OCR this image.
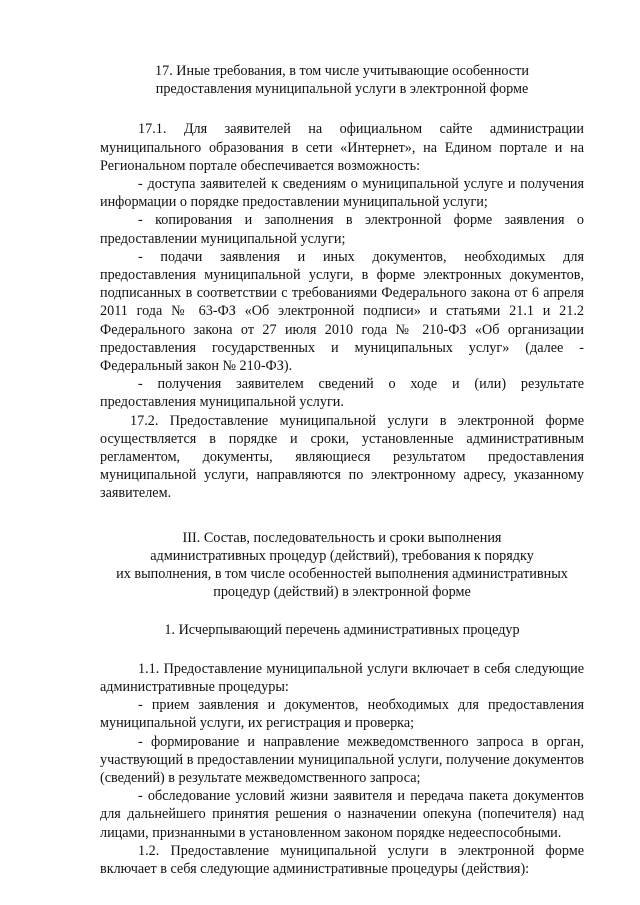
17. Иные требования, в том числе учитывающие особенности

предоставления муниципальной услуги в электронной форме

17.1. Для заявителей на официальном сайте администрации муниципального образования в сети «Интернет», на Едином портале и на Региональном портале обеспечивается возможность:

- доступа заявителей к сведениям о муниципальной услуге и получения информации о порядке предоставлении муниципальной услуги;

- копирования и заполнения в электронной форме заявления о предоставлении муниципальной услуги;

- подачи заявления и иных документов, необходимых для предоставления муниципальной услуги, в форме электронных документов, подписанных в соответствии с требованиями Федерального закона от 6 апреля 2011 года № 63-ФЗ «Об электронной подписи» и статьями 21.1 и 21.2 Федерального закона от 27 июля 2010 года № 210-ФЗ «Об организации предоставления государственных и муниципальных услуг» (далее - Федеральный закон № 210-ФЗ).

- получения заявителем сведений о ходе и (или) результате предоставления муниципальной услуги.

17.2. Предоставление муниципальной услуги в электронной форме осуществляется в порядке и сроки, установленные административным регламентом, документы, являющиеся результатом предоставления муниципальной услуги, направляются по электронному адресу, указанному заявителем.

III. Состав, последовательность и сроки выполнения

административных процедур (действий), требования к порядку

их выполнения, в том числе особенностей выполнения административных

процедур (действий) в электронной форме

1. Исчерпывающий перечень административных процедур

1.1. Предоставление муниципальной услуги включает в себя следующие административные процедуры:

- прием заявления и документов, необходимых для предоставления муниципальной услуги, их регистрация и проверка;

- формирование и направление межведомственного запроса в орган, участвующий в предоставлении муниципальной услуги, получение документов (сведений) в результате межведомственного запроса;

- обследование условий жизни заявителя и передача пакета документов для дальнейшего принятия решения о назначении опекуна (попечителя) над лицами, признанными в установленном законом порядке недееспособными.

1.2. Предоставление муниципальной услуги в электронной форме включает в себя следующие административные процедуры (действия):
